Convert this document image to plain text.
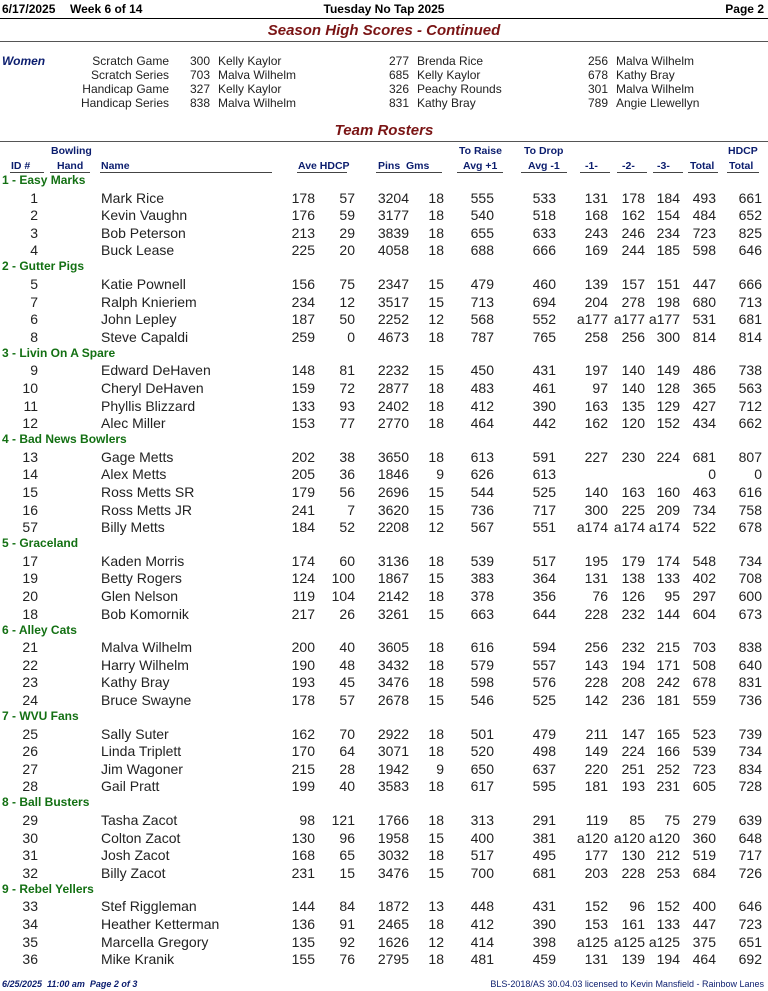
6/17/2025 Week 6 of 14	Tuesday No Tap 2025	Page 2
Season High Scores - Continued
Women	Scratch Game 300 Kelly Kaylor	277 Brenda Rice	256 Malva Wilhelm
Scratch Series 703 Malva Wilhelm	685 Kelly Kaylor	678 Kathy Bray
Handicap Game 327 Kelly Kaylor	326 Peachy Rounds	301 Malva Wilhelm
Handicap Series 838 Malva Wilhelm	831 Kathy Bray	789 Angie Llewellyn
Team Rosters
Bowling
Hand
ID #	Name	Ave HDCP	Pins  Gms
To Raise
Avg +1
To Drop
Avg -1 -1- -2- -3- Total
HDCP
Total
1 - Easy Marks
1	Mark Rice	178 57 3204 18 555	533 131 178 184 493 661
2	Kevin Vaughn	176 59 3177 18 540	518 168 162 154 484 652
3	Bob Peterson	213 29 3839 18 655	633 243 246 234 723 825
4	Buck Lease	225 20 4058 18 688	666 169 244 185 598 646
2 - Gutter Pigs
5	Katie Pownell	156 75 2347 15 479	460 139 157 151 447 666
7	Ralph Knieriem	234 12 3517 15 713	694 204 278 198 680 713
6	John Lepley	187 50 2252 12 568	552 a177 a177 a177 531 681
8	Steve Capaldi	259 0 4673 18 787	765 258 256 300 814 814
3 - Livin On A Spare
9	Edward DeHaven	148 81 2232 15 450	431 197 140 149 486 738
10	Cheryl DeHaven	159 72 2877 18 483	461	97 140 128 365 563
11	Phyllis Blizzard	133 93 2402 18 412	390 163 135 129 427 712
12	Alec Miller	153 77 2770 18 464	442 162 120 152 434 662
4 - Bad News Bowlers
13	Gage Metts	202 38 3650 18 613	591 227 230 224 681 807
14	Alex Metts	205 36 1846 9 626	613	0	0
15	Ross Metts SR	179 56 2696 15 544	525 140 163 160 463 616
16	Ross Metts JR	241 7 3620 15 736	717 300 225 209 734 758
57	Billy Metts	184 52 2208 12 567	551 a174 a174 a174 522 678
5 - Graceland
17	Kaden Morris	174 60 3136 18 539	517 195 179 174 548 734
19	Betty Rogers	124 100 1867 15 383	364 131 138 133 402 708
20	Glen Nelson	119 104 2142 18 378	356	76 126 95 297 600
18	Bob Komornik	217 26 3261 15 663	644 228 232 144 604 673
6 - Alley Cats
21	Malva Wilhelm	200 40 3605 18 616	594 256 232 215 703 838
22	Harry Wilhelm	190 48 3432 18 579	557 143 194 171 508 640
23	Kathy Bray	193 45 3476 18 598	576 228 208 242 678 831
24	Bruce Swayne	178 57 2678 15 546	525 142 236 181 559 736
7 - WVU Fans
25	Sally Suter	162 70 2922 18 501	479 211 147 165 523 739
26	Linda Triplett	170 64 3071 18 520	498 149 224 166 539 734
27	Jim Wagoner	215 28 1942 9 650	637 220 251 252 723 834
28	Gail Pratt	199 40 3583 18 617	595 181 193 231 605 728
8 - Ball Busters
29	Tasha Zacot	98 121 1766 18 313	291 119 85 75 279 639
30	Colton Zacot	130 96 1958 15 400	381 a120 a120 a120 360 648
31	Josh Zacot	168 65 3032 18 517	495 177 130 212 519 717
32	Billy Zacot	231 15 3476 15 700	681 203 228 253 684 726
9 - Rebel Yellers
33	Stef Riggleman	144 84 1872 13 448	431 152 96 152 400 646
34	Heather Ketterman	136 91 2465 18 412	390 153 161 133 447 723
35	Marcella Gregory	135 92 1626 12 414	398 a125 a125 a125 375 651
36	Mike Kranik	155 76 2795 18 481	459 131 139 194 464 692
6/25/2025  11:00 am  Page 2 of 3	BLS-2018/AS 30.04.03 licensed to Kevin Mansfield - Rainbow Lanes
